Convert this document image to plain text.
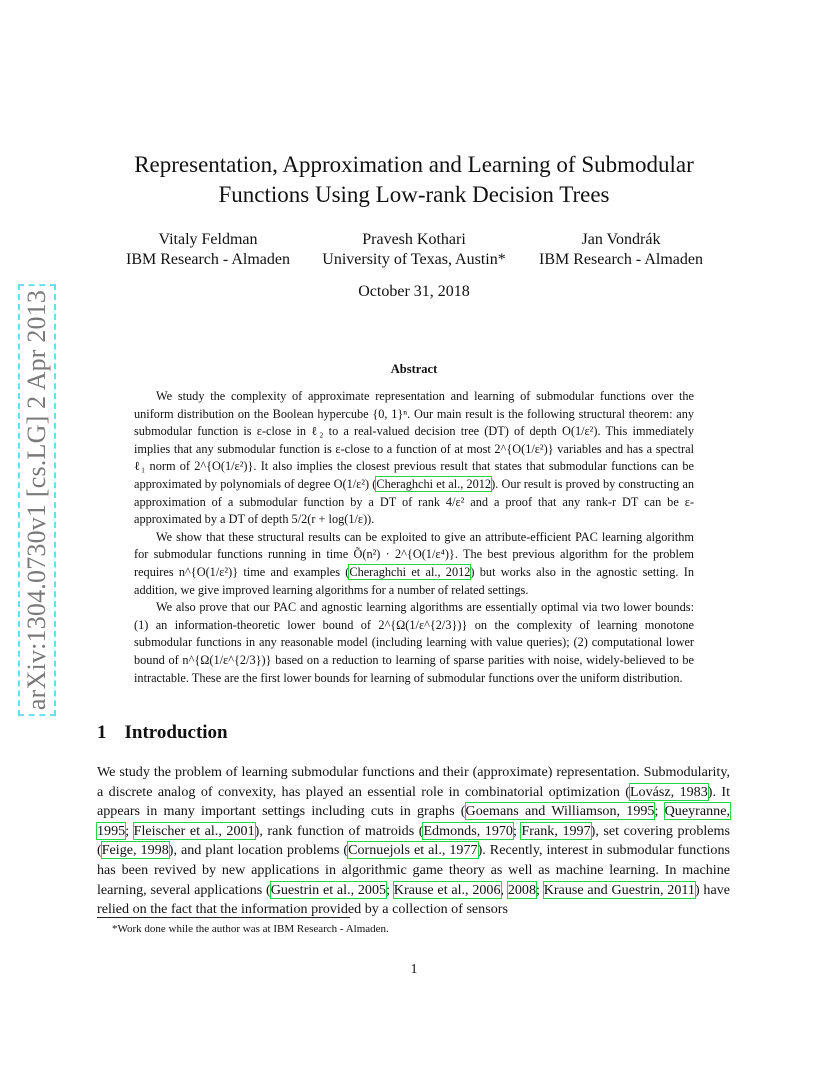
arXiv:1304.0730v1 [cs.LG] 2 Apr 2013
Representation, Approximation and Learning of Submodular Functions Using Low-rank Decision Trees
Vitaly Feldman
IBM Research - Almaden
Pravesh Kothari
University of Texas, Austin*
Jan Vondrák
IBM Research - Almaden
October 31, 2018
Abstract

We study the complexity of approximate representation and learning of submodular functions over the uniform distribution on the Boolean hypercube {0, 1}ⁿ. Our main result is the following structural theorem: any submodular function is ε-close in ℓ₂ to a real-valued decision tree (DT) of depth O(1/ε²). This immediately implies that any submodular function is ε-close to a function of at most 2^{O(1/ε²)} variables and has a spectral ℓ₁ norm of 2^{O(1/ε²)}. It also implies the closest previous result that states that submodular functions can be approximated by polynomials of degree O(1/ε²) (Cheraghchi et al., 2012). Our result is proved by constructing an approximation of a submodular function by a DT of rank 4/ε² and a proof that any rank-r DT can be ε-approximated by a DT of depth 5/2(r + log(1/ε)).

We show that these structural results can be exploited to give an attribute-efficient PAC learning algorithm for submodular functions running in time Õ(n²) · 2^{O(1/ε⁴)}. The best previous algorithm for the problem requires n^{O(1/ε²)} time and examples (Cheraghchi et al., 2012) but works also in the agnostic setting. In addition, we give improved learning algorithms for a number of related settings.

We also prove that our PAC and agnostic learning algorithms are essentially optimal via two lower bounds: (1) an information-theoretic lower bound of 2^{Ω(1/ε^{2/3})} on the complexity of learning monotone submodular functions in any reasonable model (including learning with value queries); (2) computational lower bound of n^{Ω(1/ε^{2/3})} based on a reduction to learning of sparse parities with noise, widely-believed to be intractable. These are the first lower bounds for learning of submodular functions over the uniform distribution.

1 Introduction

We study the problem of learning submodular functions and their (approximate) representation. Submodularity, a discrete analog of convexity, has played an essential role in combinatorial optimization (Lovász, 1983). It appears in many important settings including cuts in graphs (Goemans and Williamson, 1995; Queyranne, 1995; Fleischer et al., 2001), rank function of matroids (Edmonds, 1970; Frank, 1997), set covering problems (Feige, 1998), and plant location problems (Cornuejols et al., 1977). Recently, interest in submodular functions has been revived by new applications in algorithmic game theory as well as machine learning. In machine learning, several applications (Guestrin et al., 2005; Krause et al., 2006, 2008; Krause and Guestrin, 2011) have relied on the fact that the information provided by a collection of sensors

*Work done while the author was at IBM Research - Almaden.
1
